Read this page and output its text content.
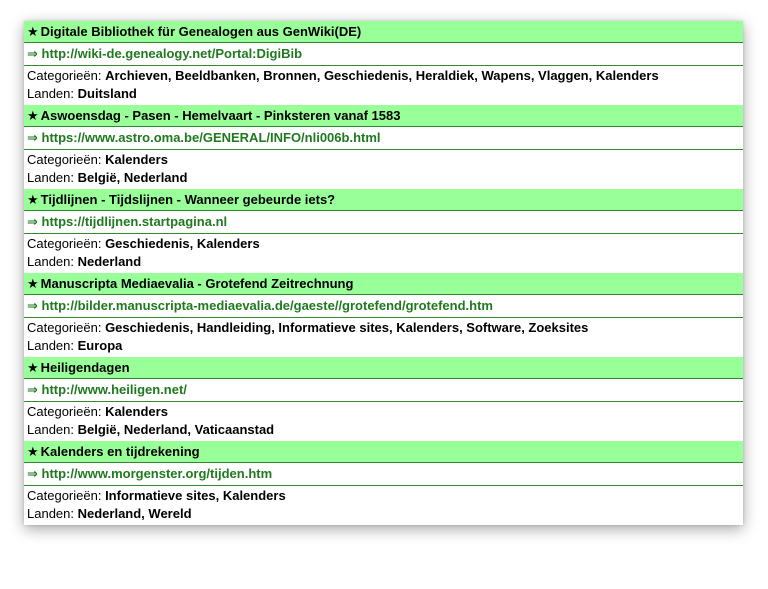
★ Digitale Bibliothek für Genealogen aus GenWiki(DE)
⇒ http://wiki-de.genealogy.net/Portal:DigiBib
Categorieën: Archieven, Beeldbanken, Bronnen, Geschiedenis, Heraldiek, Wapens, Vlaggen, Kalenders
Landen: Duitsland
★ Aswoensdag - Pasen - Hemelvaart - Pinksteren vanaf 1583
⇒ https://www.astro.oma.be/GENERAL/INFO/nli006b.html
Categorieën: Kalenders
Landen: België, Nederland
★ Tijdlijnen - Tijdslijnen - Wanneer gebeurde iets?
⇒ https://tijdlijnen.startpagina.nl
Categorieën: Geschiedenis, Kalenders
Landen: Nederland
★ Manuscripta Mediaevalia - Grotefend Zeitrechnung
⇒ http://bilder.manuscripta-mediaevalia.de/gaeste//grotefend/grotefend.htm
Categorieën: Geschiedenis, Handleiding, Informatieve sites, Kalenders, Software, Zoeksites
Landen: Europa
★ Heiligendagen
⇒ http://www.heiligen.net/
Categorieën: Kalenders
Landen: België, Nederland, Vaticaanstad
★ Kalenders en tijdrekening
⇒ http://www.morgenster.org/tijden.htm
Categorieën: Informatieve sites, Kalenders
Landen: Nederland, Wereld
